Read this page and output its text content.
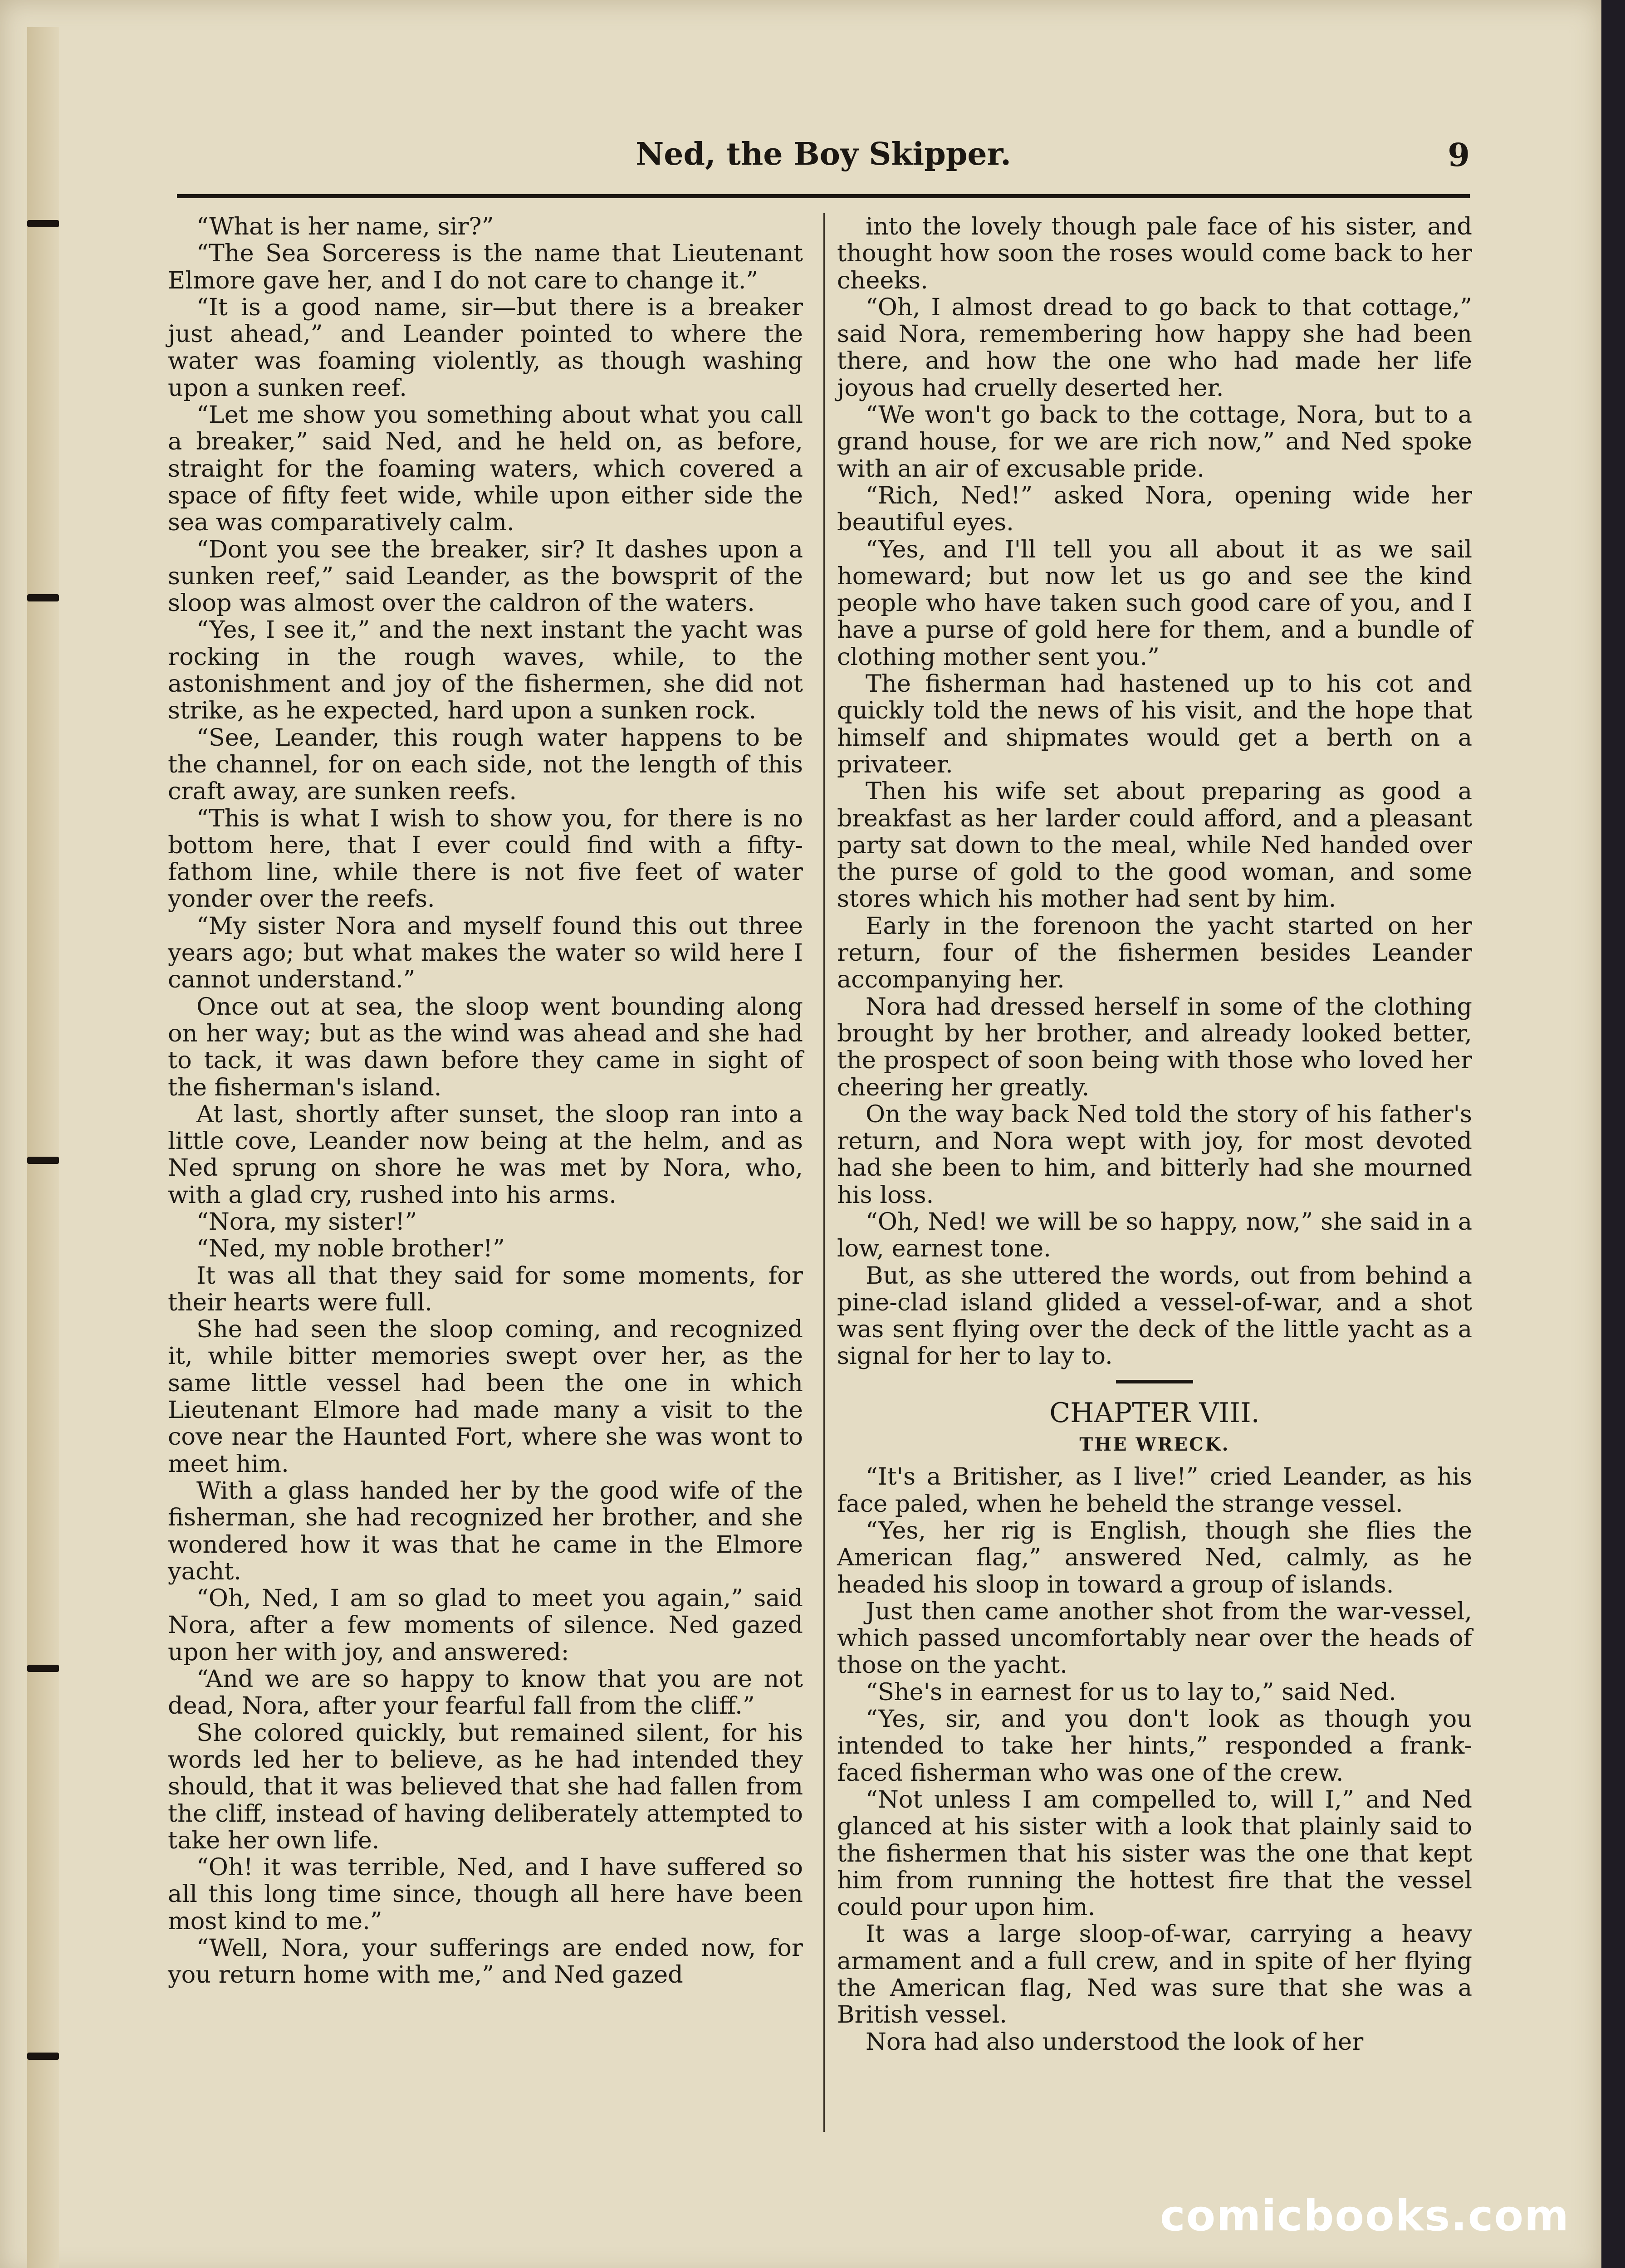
Ned, the Boy Skipper.	9

“What is her name, sir?”

“The Sea Sorceress is the name that Lieutenant Elmore gave her, and I do not care to change it.”

“It is a good name, sir—but there is a breaker just ahead,” and Leander pointed to where the water was foaming violently, as though washing upon a sunken reef.

“Let me show you something about what you call a breaker,” said Ned, and he held on, as before, straight for the foaming waters, which covered a space of fifty feet wide, while upon either side the sea was comparatively calm.

“Dont you see the breaker, sir? It dashes upon a sunken reef,” said Leander, as the bowsprit of the sloop was almost over the caldron of the waters.

“Yes, I see it,” and the next instant the yacht was rocking in the rough waves, while, to the astonishment and joy of the fishermen, she did not strike, as he expected, hard upon a sunken rock.

“See, Leander, this rough water happens to be the channel, for on each side, not the length of this craft away, are sunken reefs.

“This is what I wish to show you, for there is no bottom here, that I ever could find with a fifty-fathom line, while there is not five feet of water yonder over the reefs.

“My sister Nora and myself found this out three years ago; but what makes the water so wild here I cannot understand.”

Once out at sea, the sloop went bounding along on her way; but as the wind was ahead and she had to tack, it was dawn before they came in sight of the fisherman's island.

At last, shortly after sunset, the sloop ran into a little cove, Leander now being at the helm, and as Ned sprung on shore he was met by Nora, who, with a glad cry, rushed into his arms.

“Nora, my sister!”

“Ned, my noble brother!”

It was all that they said for some moments, for their hearts were full.

She had seen the sloop coming, and recognized it, while bitter memories swept over her, as the same little vessel had been the one in which Lieutenant Elmore had made many a visit to the cove near the Haunted Fort, where she was wont to meet him.

With a glass handed her by the good wife of the fisherman, she had recognized her brother, and she wondered how it was that he came in the Elmore yacht.

“Oh, Ned, I am so glad to meet you again,” said Nora, after a few moments of silence. Ned gazed upon her with joy, and answered:

“And we are so happy to know that you are not dead, Nora, after your fearful fall from the cliff.”

She colored quickly, but remained silent, for his words led her to believe, as he had intended they should, that it was believed that she had fallen from the cliff, instead of having deliberately attempted to take her own life.

“Oh! it was terrible, Ned, and I have suffered so all this long time since, though all here have been most kind to me.”

“Well, Nora, your sufferings are ended now, for you return home with me,” and Ned gazed

into the lovely though pale face of his sister, and thought how soon the roses would come back to her cheeks.

“Oh, I almost dread to go back to that cottage,” said Nora, remembering how happy she had been there, and how the one who had made her life joyous had cruelly deserted her.

“We won't go back to the cottage, Nora, but to a grand house, for we are rich now,” and Ned spoke with an air of excusable pride.

“Rich, Ned!” asked Nora, opening wide her beautiful eyes.

“Yes, and I'll tell you all about it as we sail homeward; but now let us go and see the kind people who have taken such good care of you, and I have a purse of gold here for them, and a bundle of clothing mother sent you.”

The fisherman had hastened up to his cot and quickly told the news of his visit, and the hope that himself and shipmates would get a berth on a privateer.

Then his wife set about preparing as good a breakfast as her larder could afford, and a pleasant party sat down to the meal, while Ned handed over the purse of gold to the good woman, and some stores which his mother had sent by him.

Early in the forenoon the yacht started on her return, four of the fishermen besides Leander accompanying her.

Nora had dressed herself in some of the clothing brought by her brother, and already looked better, the prospect of soon being with those who loved her cheering her greatly.

On the way back Ned told the story of his father's return, and Nora wept with joy, for most devoted had she been to him, and bitterly had she mourned his loss.

“Oh, Ned! we will be so happy, now,” she said in a low, earnest tone.

But, as she uttered the words, out from behind a pine-clad island glided a vessel-of-war, and a shot was sent flying over the deck of the little yacht as a signal for her to lay to.

CHAPTER VIII.
THE WRECK.

“It's a Britisher, as I live!” cried Leander, as his face paled, when he beheld the strange vessel.

“Yes, her rig is English, though she flies the American flag,” answered Ned, calmly, as he headed his sloop in toward a group of islands.

Just then came another shot from the war-vessel, which passed uncomfortably near over the heads of those on the yacht.

“She's in earnest for us to lay to,” said Ned.

“Yes, sir, and you don't look as though you intended to take her hints,” responded a frank-faced fisherman who was one of the crew.

“Not unless I am compelled to, will I,” and Ned glanced at his sister with a look that plainly said to the fishermen that his sister was the one that kept him from running the hottest fire that the vessel could pour upon him.

It was a large sloop-of-war, carrying a heavy armament and a full crew, and in spite of her flying the American flag, Ned was sure that she was a British vessel.

Nora had also understood the look of her

comicbooks.com
